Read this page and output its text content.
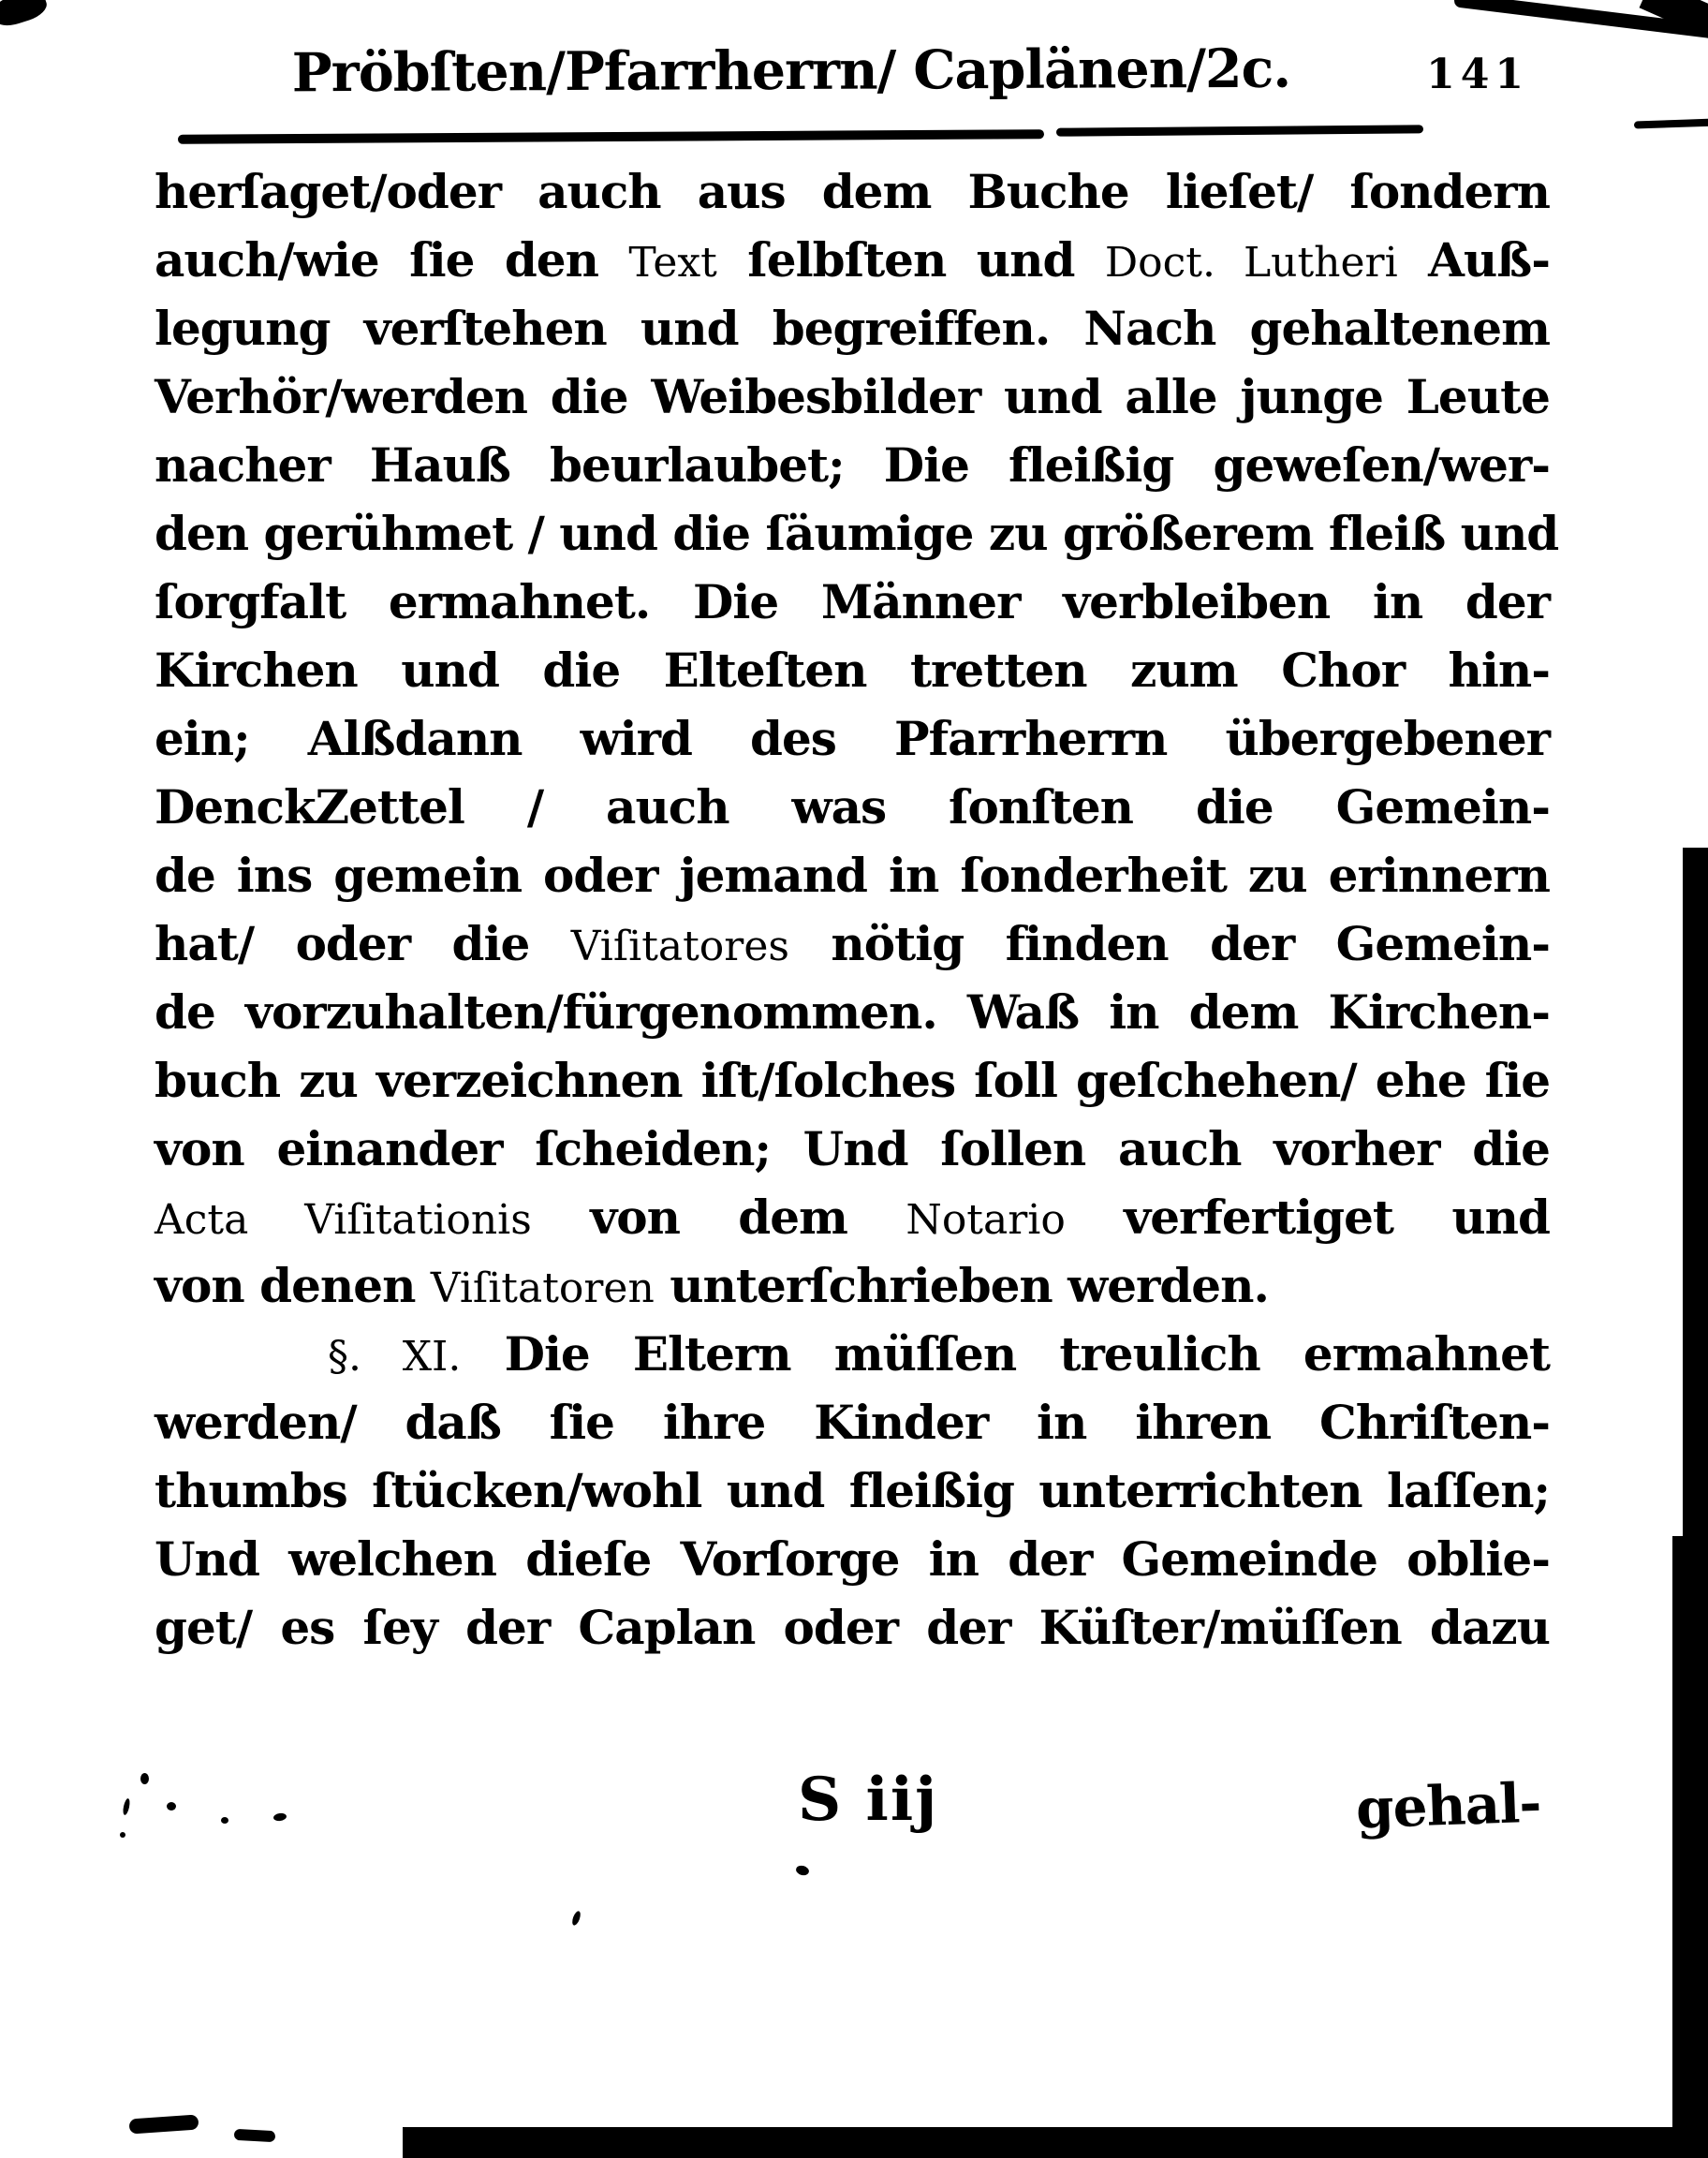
Pröbſten/Pfarrherrn/ Caplänen/2c.	141
herſaget/oder auch aus dem Buche lieſet/ ſondern
auch/wie ſie den Text ſelbſten und Doct. Lutheri Auß-
legung verſtehen und begreiffen. Nach gehaltenem
Verhör/werden die Weibesbilder und alle junge Leute
nacher Hauß beurlaubet; Die fleißig geweſen/wer-
den gerühmet / und die ſäumige zu größerem fleiß und
ſorgfalt ermahnet. Die Männer verbleiben in der
Kirchen und die Elteſten tretten zum Chor hin-
ein; Alßdann wird des Pfarrherrn übergebener
DenckZettel / auch was ſonſten die Gemein-
de ins gemein oder jemand in ſonderheit zu erinnern
hat/ oder die Viſitatores nötig finden der Gemein-
de vorzuhalten/fürgenommen. Waß in dem Kirchen-
buch zu verzeichnen iſt/ſolches ſoll geſchehen/ ehe ſie
von einander ſcheiden; Und ſollen auch vorher die
Acta Viſitationis von dem Notario verfertiget und
von denen Viſitatoren unterſchrieben werden.
§. XI. Die Eltern müſſen treulich ermahnet
werden/ daß ſie ihre Kinder in ihren Chriſten-
thumbs ſtücken/wohl und fleißig unterrichten laſſen;
Und welchen dieſe Vorſorge in der Gemeinde oblie-
get/ es ſey der Caplan oder der Küſter/müſſen dazu
S iij	gehal-
